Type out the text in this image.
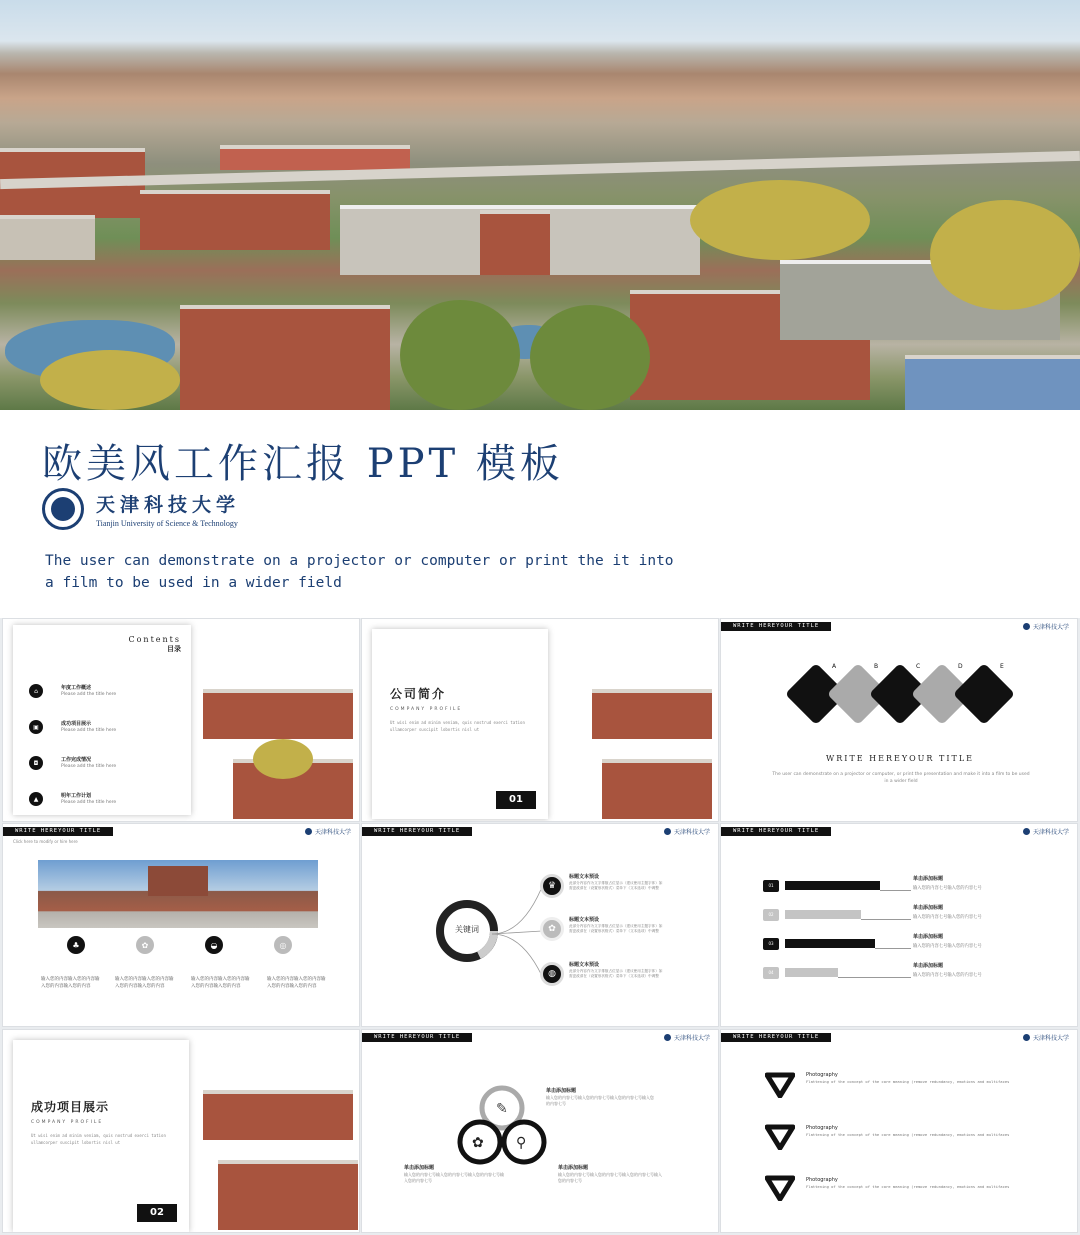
欧美风工作汇报 PPT 模板
天津科技大学
Tianjin University of Science & Technology
The user can demonstrate on a projector or computer or print the it into a film to be used in a wider field
Contents
目录
⌂	年度工作概述
Please add the title here
▣	成功项目展示
Please add the title here
◘	工作完成情况
Please add the title here
▲	明年工作计划
Please add the title here
公司简介
COMPANY PROFILE
Ut wisi enim ad minim veniam, quis nostrud exerci tation ullamcorper suscipit lobortis nisl ut
01
WRITE HEREYOUR TITLE	天津科技大学
A	B	C	D	E
WRITE HEREYOUR TITLE
The user can demonstrate on a projector or computer, or print the presentation and make it into a film to be used in a wider field
WRITE HEREYOUR TITLE	天津科技大学
Click here to modify or hire here
♣	✿	◒	◎
输入您的内容输入您的内容输入您的内容输入您的内容
输入您的内容输入您的内容输入您的内容输入您的内容
输入您的内容输入您的内容输入您的内容输入您的内容
输入您的内容输入您的内容输入您的内容输入您的内容
WRITE HEREYOUR TITLE	天津科技大学
关键词
♛
✿
◍
标题文本预设
此部分内容作为文字排版占位显示（建议使用主题字体）如需更改请在（设置形状格式）菜单下（文本选项）中调整
标题文本预设
此部分内容作为文字排版占位显示（建议使用主题字体）如需更改请在（设置形状格式）菜单下（文本选项）中调整
标题文本预设
此部分内容作为文字排版占位显示（建议使用主题字体）如需更改请在（设置形状格式）菜单下（文本选项）中调整
WRITE HEREYOUR TITLE	天津科技大学
01
单击添加标题
输入您的内容七号输入您的内容七号
02
单击添加标题
输入您的内容七号输入您的内容七号
03
单击添加标题
输入您的内容七号输入您的内容七号
04
单击添加标题
输入您的内容七号输入您的内容七号
成功项目展示
COMPANY PROFILE
Ut wisi enim ad minim veniam, quis nostrud exerci tation ullamcorper suscipit lobortis nisl ut
02
WRITE HEREYOUR TITLE	天津科技大学
✎
✿ ⚲
单击添加标题
输入您的内容七号输入您的内容七号输入您的内容七号输入您的内容七号
单击添加标题
输入您的内容七号输入您的内容七号输入您的内容七号输入您的内容七号
单击添加标题
输入您的内容七号输入您的内容七号输入您的内容七号输入您的内容七号
WRITE HEREYOUR TITLE	天津科技大学
Photography
Flattening of the concept of the core meaning (remove redundancy, emotions and multifaces
Photography
Flattening of the concept of the core meaning (remove redundancy, emotions and multifaces
Photography
Flattening of the concept of the core meaning (remove redundancy, emotions and multifaces
